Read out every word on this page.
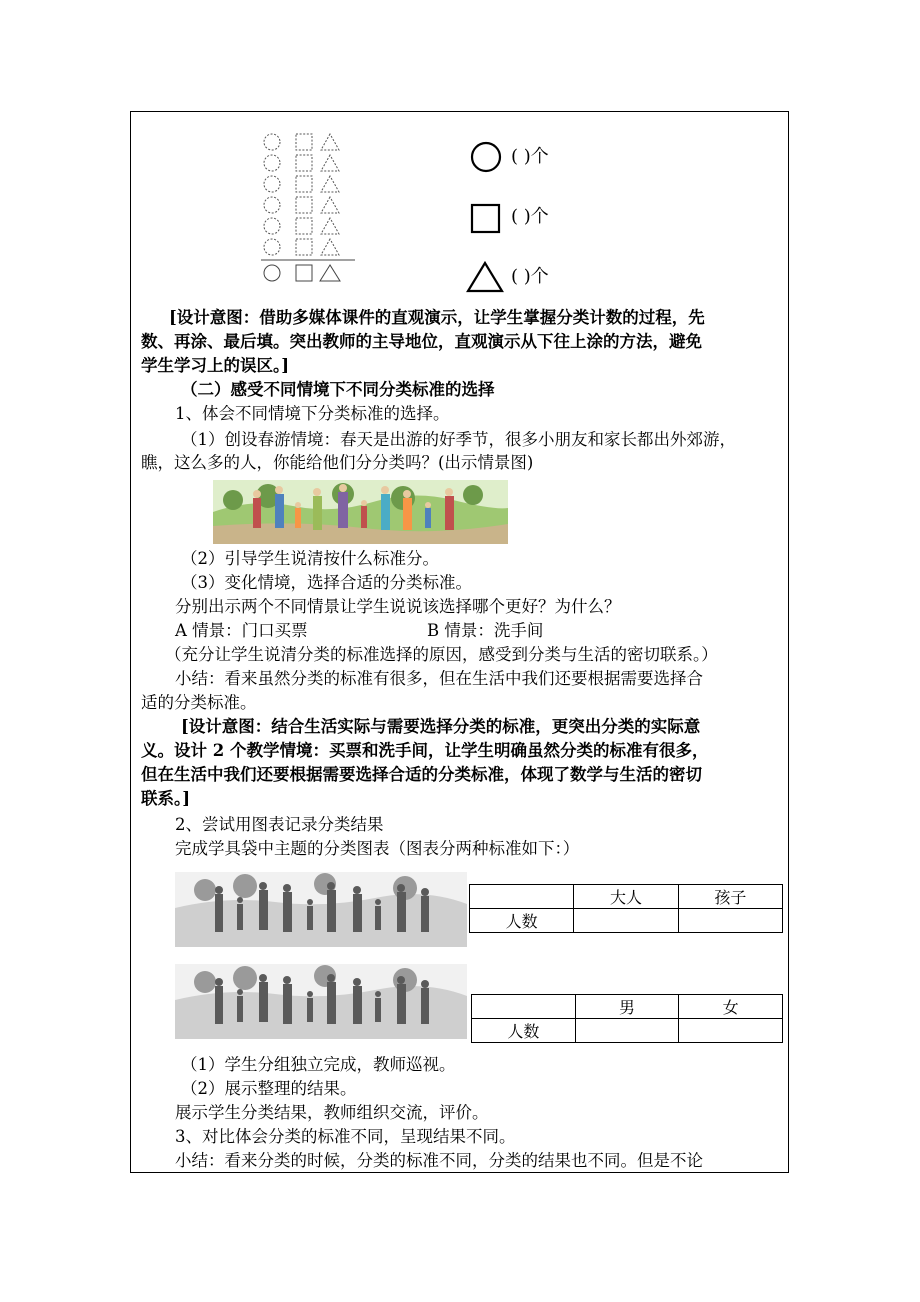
( )个
( )个
( )个
[设计意图：借助多媒体课件的直观演示，让学生掌握分类计数的过程，先
数、再涂、最后填。突出教师的主导地位，直观演示从下往上涂的方法，避免
学生学习上的误区。]
（二）感受不同情境下不同分类标准的选择
1、体会不同情境下分类标准的选择。
（1）创设春游情境：春天是出游的好季节，很多小朋友和家长都出外郊游，
瞧，这么多的人，你能给他们分分类吗？(出示情景图)
（2）引导学生说清按什么标准分。
（3）变化情境，选择合适的分类标准。
分别出示两个不同情景让学生说说该选择哪个更好？为什么？
A 情景：门口买票	B 情景：洗手间
（充分让学生说清分类的标准选择的原因，感受到分类与生活的密切联系。）
小结：看来虽然分类的标准有很多，但在生活中我们还要根据需要选择合
适的分类标准。
[设计意图：结合生活实际与需要选择分类的标准，更突出分类的实际意
义。设计 2 个教学情境：买票和洗手间，让学生明确虽然分类的标准有很多，
但在生活中我们还要根据需要选择合适的分类标准，体现了数学与生活的密切
联系。]
2、尝试用图表记录分类结果
完成学具袋中主题的分类图表（图表分两种标准如下：）
	大人	孩子
人数		
	男	女
人数		
（1）学生分组独立完成，教师巡视。
（2）展示整理的结果。
展示学生分类结果，教师组织交流，评价。
3、对比体会分类的标准不同，呈现结果不同。
小结：看来分类的时候，分类的标准不同，分类的结果也不同。但是不论
